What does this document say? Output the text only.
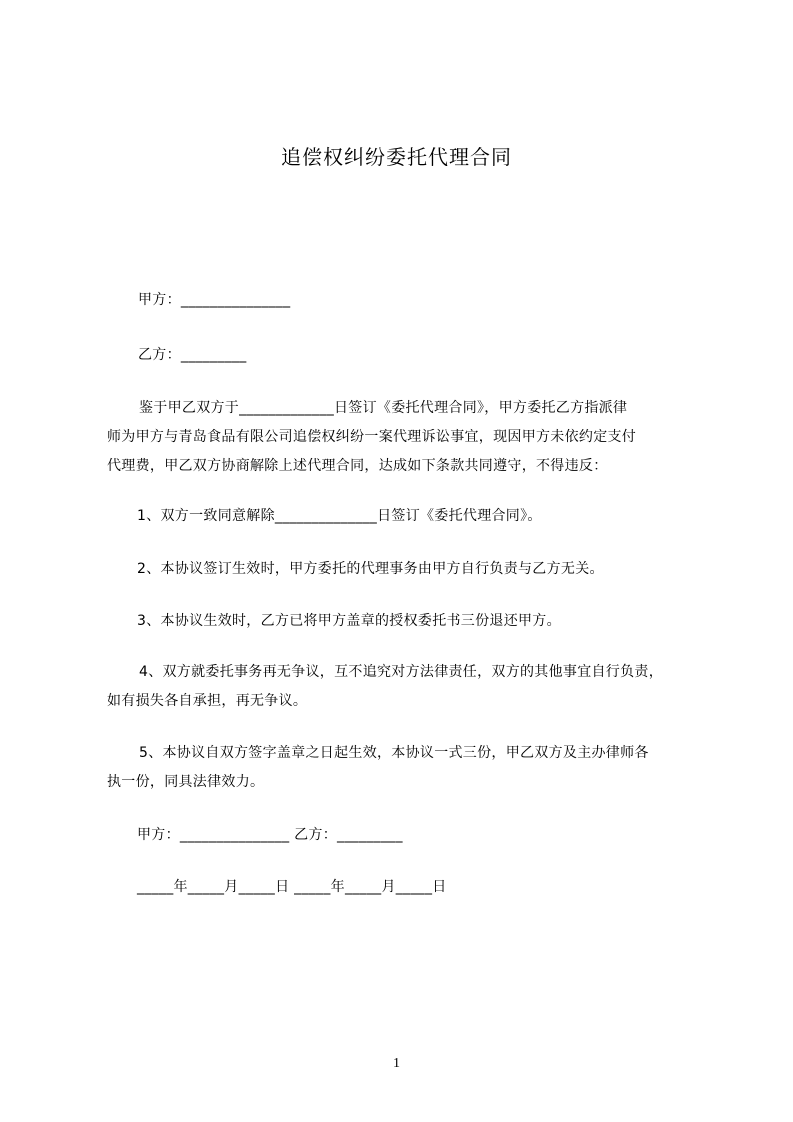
追偿权纠纷委托代理合同
甲方：_______________
乙方：_________
鉴于甲乙双方于_____________日签订《委托代理合同》，甲方委托乙方指派律
师为甲方与青岛食品有限公司追偿权纠纷一案代理诉讼事宜，现因甲方未依约定支付
代理费，甲乙双方协商解除上述代理合同，达成如下条款共同遵守，不得违反：
1、双方一致同意解除______________日签订《委托代理合同》。
2、本协议签订生效时，甲方委托的代理事务由甲方自行负责与乙方无关。
3、本协议生效时，乙方已将甲方盖章的授权委托书三份退还甲方。
4、双方就委托事务再无争议，互不追究对方法律责任，双方的其他事宜自行负责，
如有损失各自承担，再无争议。
5、本协议自双方签字盖章之日起生效，本协议一式三份，甲乙双方及主办律师各
执一份，同具法律效力。
甲方：_______________ 乙方：_________
_____年_____月_____日 _____年_____月_____日
1
